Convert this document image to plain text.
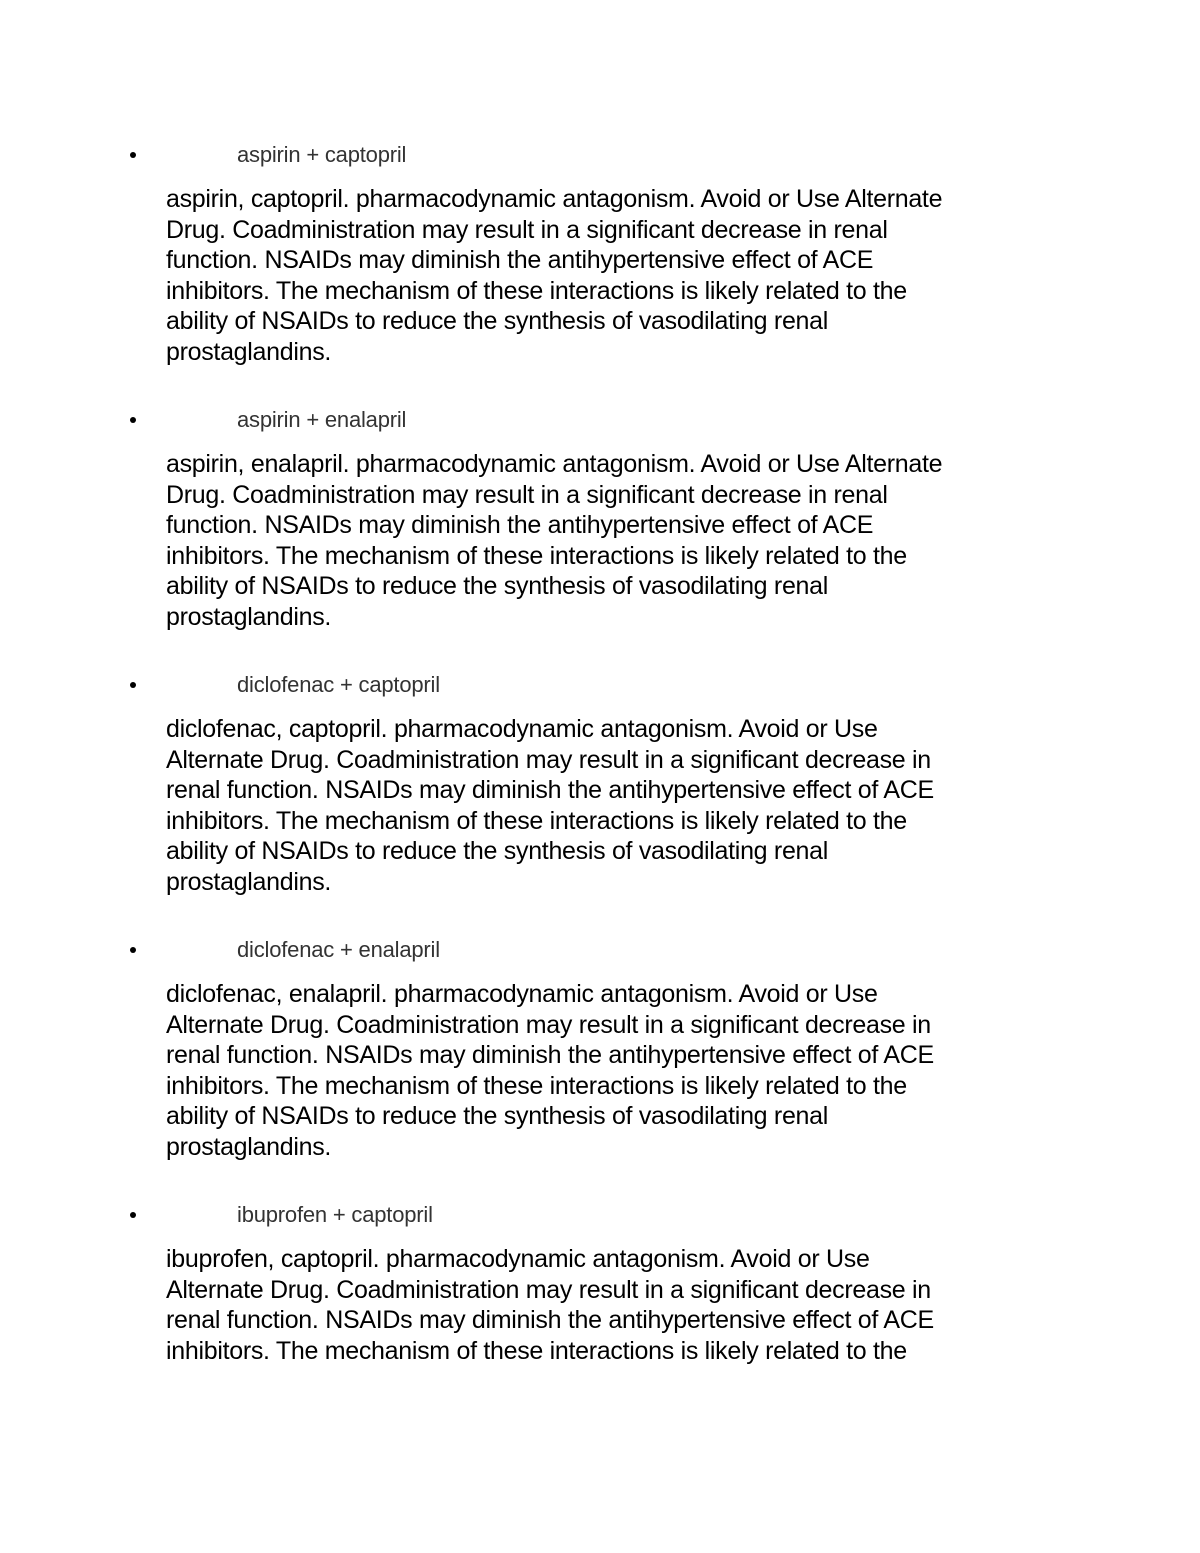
aspirin + captopril
aspirin, captopril. pharmacodynamic antagonism. Avoid or Use Alternate
Drug. Coadministration may result in a significant decrease in renal
function. NSAIDs may diminish the antihypertensive effect of ACE
inhibitors. The mechanism of these interactions is likely related to the
ability of NSAIDs to reduce the synthesis of vasodilating renal
prostaglandins.
aspirin + enalapril
aspirin, enalapril. pharmacodynamic antagonism. Avoid or Use Alternate
Drug. Coadministration may result in a significant decrease in renal
function. NSAIDs may diminish the antihypertensive effect of ACE
inhibitors. The mechanism of these interactions is likely related to the
ability of NSAIDs to reduce the synthesis of vasodilating renal
prostaglandins.
diclofenac + captopril
diclofenac, captopril. pharmacodynamic antagonism. Avoid or Use
Alternate Drug. Coadministration may result in a significant decrease in
renal function. NSAIDs may diminish the antihypertensive effect of ACE
inhibitors. The mechanism of these interactions is likely related to the
ability of NSAIDs to reduce the synthesis of vasodilating renal
prostaglandins.
diclofenac + enalapril
diclofenac, enalapril. pharmacodynamic antagonism. Avoid or Use
Alternate Drug. Coadministration may result in a significant decrease in
renal function. NSAIDs may diminish the antihypertensive effect of ACE
inhibitors. The mechanism of these interactions is likely related to the
ability of NSAIDs to reduce the synthesis of vasodilating renal
prostaglandins.
ibuprofen + captopril
ibuprofen, captopril. pharmacodynamic antagonism. Avoid or Use
Alternate Drug. Coadministration may result in a significant decrease in
renal function. NSAIDs may diminish the antihypertensive effect of ACE
inhibitors. The mechanism of these interactions is likely related to the
